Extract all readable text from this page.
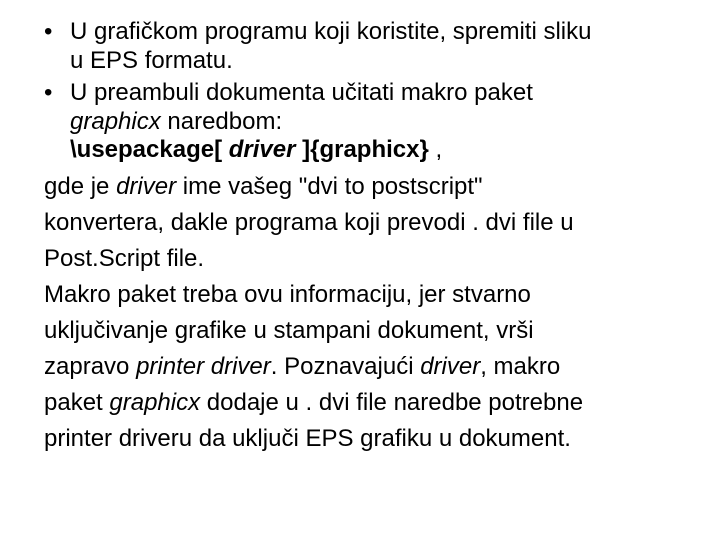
• U grafičkom programu koji koristite, spremiti sliku
u EPS formatu.
• U preambuli dokumenta učitati makro paket
graphicx naredbom:
\usepackage[ driver ]{graphicx} ,
gde je driver ime vašeg "dvi to postscript"
konvertera, dakle programa koji prevodi . dvi file u
Post.Script file.
Makro paket treba ovu informaciju, jer stvarno
uključivanje grafike u stampani dokument, vrši
zapravo printer driver. Poznavajući driver, makro
paket graphicx dodaje u . dvi file naredbe potrebne
printer driveru da uključi EPS grafiku u dokument.
